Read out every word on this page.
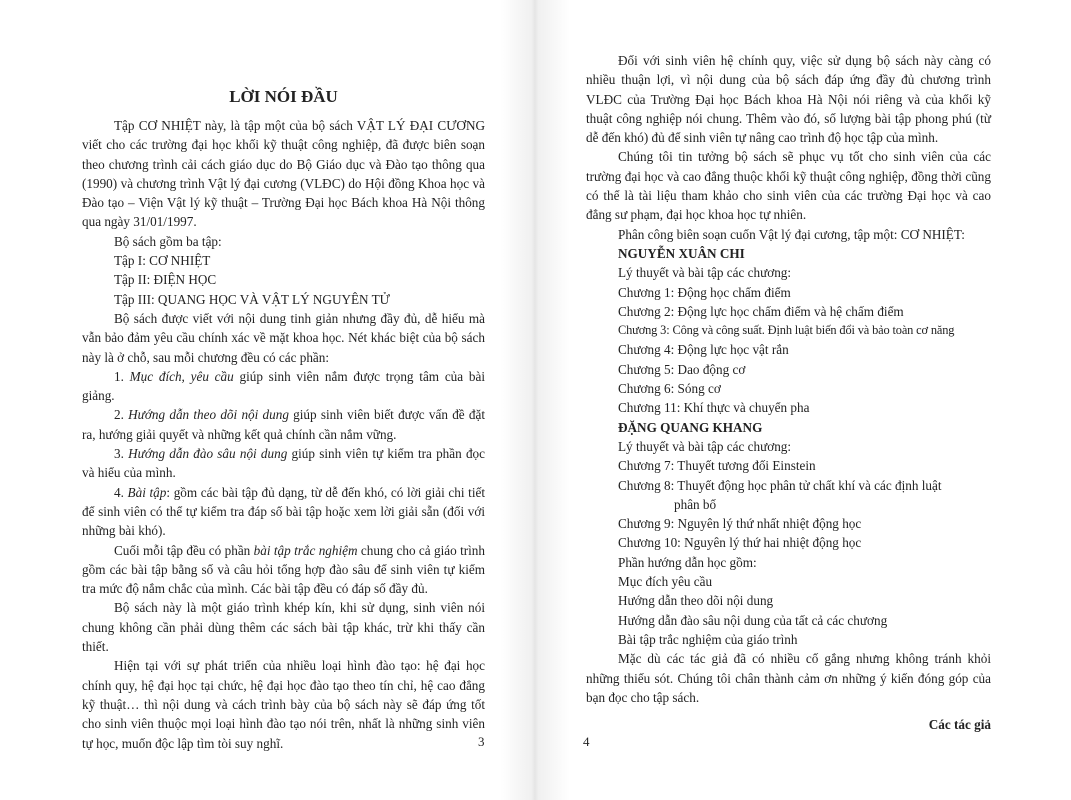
LỜI NÓI ĐẦU

Tập CƠ NHIỆT này, là tập một của bộ sách VẬT LÝ ĐẠI CƯƠNG viết cho các trường đại học khối kỹ thuật công nghiệp, đã được biên soạn theo chương trình cải cách giáo dục do Bộ Giáo dục và Đào tạo thông qua (1990) và chương trình Vật lý đại cương (VLĐC) do Hội đồng Khoa học và Đào tạo – Viện Vật lý kỹ thuật – Trường Đại học Bách khoa Hà Nội thông qua ngày 31/01/1997.

Bộ sách gồm ba tập:

Tập I: CƠ NHIỆT

Tập II: ĐIỆN HỌC

Tập III: QUANG HỌC VÀ VẬT LÝ NGUYÊN TỬ

Bộ sách được viết với nội dung tinh giản nhưng đầy đủ, dễ hiểu mà vẫn bảo đảm yêu cầu chính xác về mặt khoa học. Nét khác biệt của bộ sách này là ở chỗ, sau mỗi chương đều có các phần:

1. Mục đích, yêu cầu giúp sinh viên nắm được trọng tâm của bài giảng.

2. Hướng dẫn theo dõi nội dung giúp sinh viên biết được vấn đề đặt ra, hướng giải quyết và những kết quả chính cần nắm vững.

3. Hướng dẫn đào sâu nội dung giúp sinh viên tự kiểm tra phần đọc và hiểu của mình.

4. Bài tập: gồm các bài tập đủ dạng, từ dễ đến khó, có lời giải chi tiết để sinh viên có thể tự kiểm tra đáp số bài tập hoặc xem lời giải sẵn (đối với những bài khó).

Cuối mỗi tập đều có phần bài tập trắc nghiệm chung cho cả giáo trình gồm các bài tập bằng số và câu hỏi tổng hợp đào sâu để sinh viên tự kiểm tra mức độ nắm chắc của mình. Các bài tập đều có đáp số đầy đủ.

Bộ sách này là một giáo trình khép kín, khi sử dụng, sinh viên nói chung không cần phải dùng thêm các sách bài tập khác, trừ khi thấy cần thiết.

Hiện tại với sự phát triển của nhiều loại hình đào tạo: hệ đại học chính quy, hệ đại học tại chức, hệ đại học đào tạo theo tín chỉ, hệ cao đẳng kỹ thuật… thì nội dung và cách trình bày của bộ sách này sẽ đáp ứng tốt cho sinh viên thuộc mọi loại hình đào tạo nói trên, nhất là những sinh viên tự học, muốn độc lập tìm tòi suy nghĩ.	3

Đối với sinh viên hệ chính quy, việc sử dụng bộ sách này càng có nhiều thuận lợi, vì nội dung của bộ sách đáp ứng đầy đủ chương trình VLĐC của Trường Đại học Bách khoa Hà Nội nói riêng và của khối kỹ thuật công nghiệp nói chung. Thêm vào đó, số lượng bài tập phong phú (từ dễ đến khó) đủ để sinh viên tự nâng cao trình độ học tập của mình.

Chúng tôi tin tưởng bộ sách sẽ phục vụ tốt cho sinh viên của các trường đại học và cao đẳng thuộc khối kỹ thuật công nghiệp, đồng thời cũng có thể là tài liệu tham khảo cho sinh viên của các trường Đại học và cao đẳng sư phạm, đại học khoa học tự nhiên.

Phân công biên soạn cuốn Vật lý đại cương, tập một: CƠ NHIỆT:

NGUYỄN XUÂN CHI

Lý thuyết và bài tập các chương:

Chương 1: Động học chấm điểm

Chương 2: Động lực học chấm điểm và hệ chấm điểm

Chương 3: Công và công suất. Định luật biến đổi và bảo toàn cơ năng

Chương 4: Động lực học vật rắn

Chương 5: Dao động cơ

Chương 6: Sóng cơ

Chương 11: Khí thực và chuyển pha

ĐẶNG QUANG KHANG

Lý thuyết và bài tập các chương:

Chương 7: Thuyết tương đối Einstein

Chương 8: Thuyết động học phân tử chất khí và các định luật

phân bố

Chương 9: Nguyên lý thứ nhất nhiệt động học

Chương 10: Nguyên lý thứ hai nhiệt động học

Phần hướng dẫn học gồm:

Mục đích yêu cầu

Hướng dẫn theo dõi nội dung

Hướng dẫn đào sâu nội dung của tất cả các chương

Bài tập trắc nghiệm của giáo trình

Mặc dù các tác giả đã có nhiều cố gắng nhưng không tránh khỏi những thiếu sót. Chúng tôi chân thành cảm ơn những ý kiến đóng góp của bạn đọc cho tập sách.

Các tác giả

4
